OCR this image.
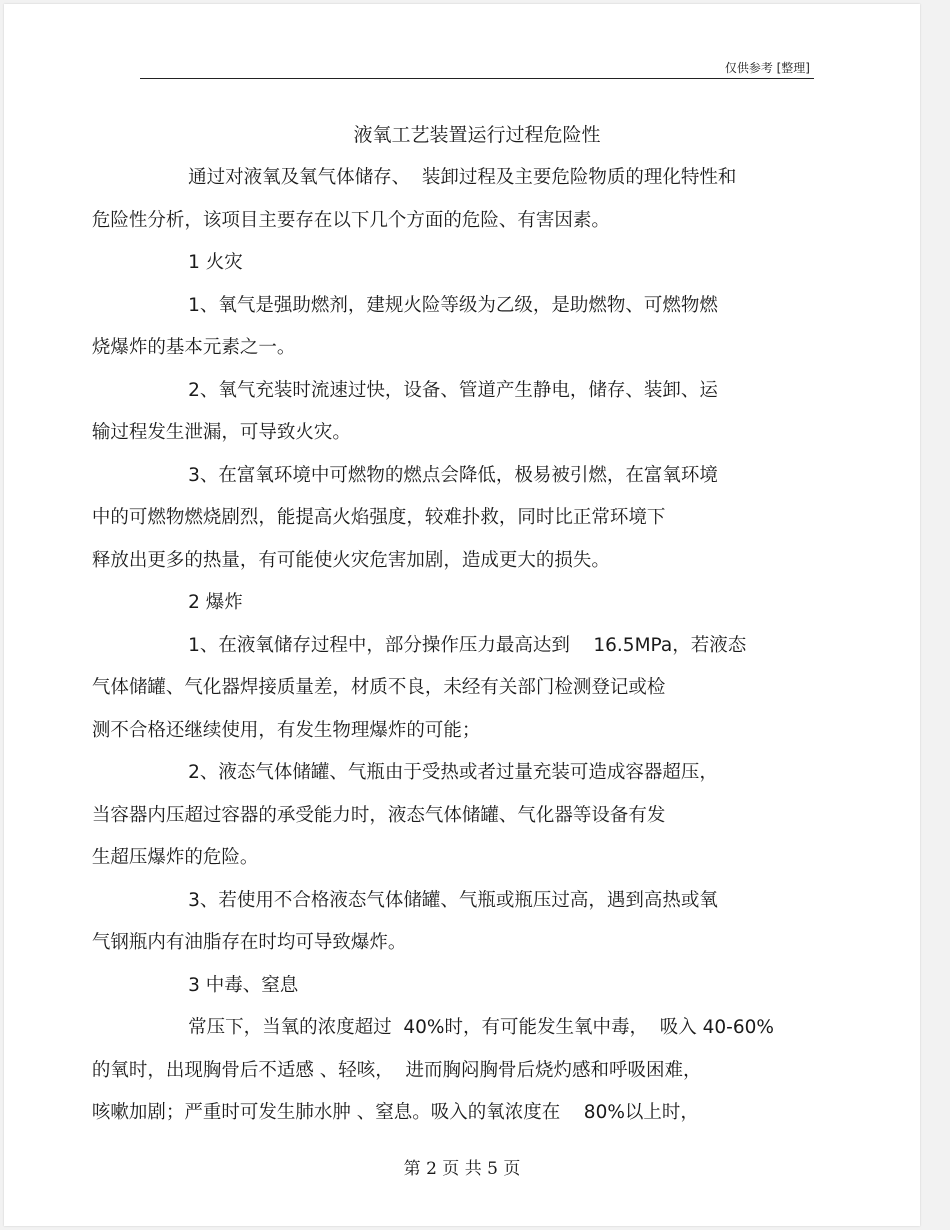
仅供参考 [整理]
液氧工艺装置运行过程危险性

通过对液氧及氧气体储存、  装卸过程及主要危险物质的理化特性和
危险性分析，该项目主要存在以下几个方面的危险、有害因素。

1 火灾

1、氧气是强助燃剂，建规火险等级为乙级，是助燃物、可燃物燃
烧爆炸的基本元素之一。

2、氧气充装时流速过快，设备、管道产生静电，储存、装卸、运
输过程发生泄漏，可导致火灾。

3、在富氧环境中可燃物的燃点会降低，极易被引燃，在富氧环境
中的可燃物燃烧剧烈，能提高火焰强度，较难扑救，同时比正常环境下
释放出更多的热量，有可能使火灾危害加剧，造成更大的损失。

2 爆炸

1、在液氧储存过程中，部分操作压力最高达到    16.5MPa，若液态
气体储罐、气化器焊接质量差，材质不良，未经有关部门检测登记或检
测不合格还继续使用，有发生物理爆炸的可能；

2、液态气体储罐、气瓶由于受热或者过量充装可造成容器超压，
当容器内压超过容器的承受能力时，液态气体储罐、气化器等设备有发
生超压爆炸的危险。

3、若使用不合格液态气体储罐、气瓶或瓶压过高，遇到高热或氧
气钢瓶内有油脂存在时均可导致爆炸。

3 中毒、窒息

常压下，当氧的浓度超过  40%时，有可能发生氧中毒，  吸入 40-60%
的氧时，出现胸骨后不适感 、轻咳，  进而胸闷胸骨后烧灼感和呼吸困难，
咳嗽加剧；严重时可发生肺水肿 、窒息。吸入的氧浓度在    80%以上时，

第 2 页 共 5 页
